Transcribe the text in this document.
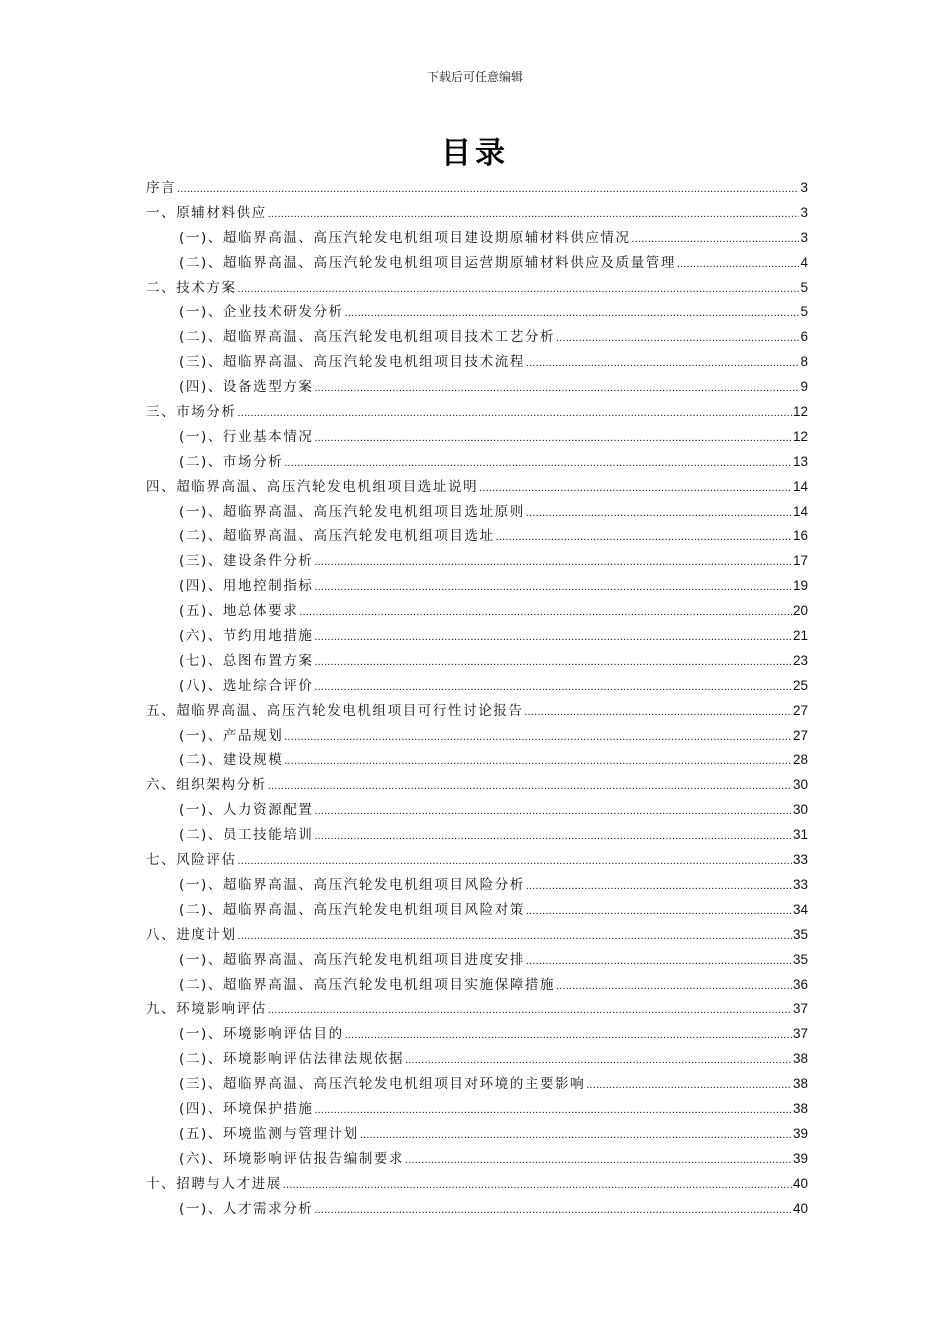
下载后可任意编辑
目录
序言 .....	3
一、原辅材料供应 .....	3
(一)、超临界高温、高压汽轮发电机组项目建设期原辅材料供应情况 .....	3
(二)、超临界高温、高压汽轮发电机组项目运营期原辅材料供应及质量管理 .....	4
二、技术方案 .....	5
(一)、企业技术研发分析 .....	5
(二)、超临界高温、高压汽轮发电机组项目技术工艺分析 .....	6
(三)、超临界高温、高压汽轮发电机组项目技术流程 .....	8
(四)、设备选型方案 .....	9
三、市场分析 .....	12
(一)、行业基本情况 .....	12
(二)、市场分析 .....	13
四、超临界高温、高压汽轮发电机组项目选址说明 .....	14
(一)、超临界高温、高压汽轮发电机组项目选址原则 .....	14
(二)、超临界高温、高压汽轮发电机组项目选址 .....	16
(三)、建设条件分析 .....	17
(四)、用地控制指标 .....	19
(五)、地总体要求 .....	20
(六)、节约用地措施 .....	21
(七)、总图布置方案 .....	23
(八)、选址综合评价 .....	25
五、超临界高温、高压汽轮发电机组项目可行性讨论报告 .....	27
(一)、产品规划 .....	27
(二)、建设规模 .....	28
六、组织架构分析 .....	30
(一)、人力资源配置 .....	30
(二)、员工技能培训 .....	31
七、风险评估 .....	33
(一)、超临界高温、高压汽轮发电机组项目风险分析 .....	33
(二)、超临界高温、高压汽轮发电机组项目风险对策 .....	34
八、进度计划 .....	35
(一)、超临界高温、高压汽轮发电机组项目进度安排 .....	35
(二)、超临界高温、高压汽轮发电机组项目实施保障措施 .....	36
九、环境影响评估 .....	37
(一)、环境影响评估目的 .....	37
(二)、环境影响评估法律法规依据 .....	38
(三)、超临界高温、高压汽轮发电机组项目对环境的主要影响 .....	38
(四)、环境保护措施 .....	38
(五)、环境监测与管理计划 .....	39
(六)、环境影响评估报告编制要求 .....	39
十、招聘与人才进展 .....	40
(一)、人才需求分析 .....	40
